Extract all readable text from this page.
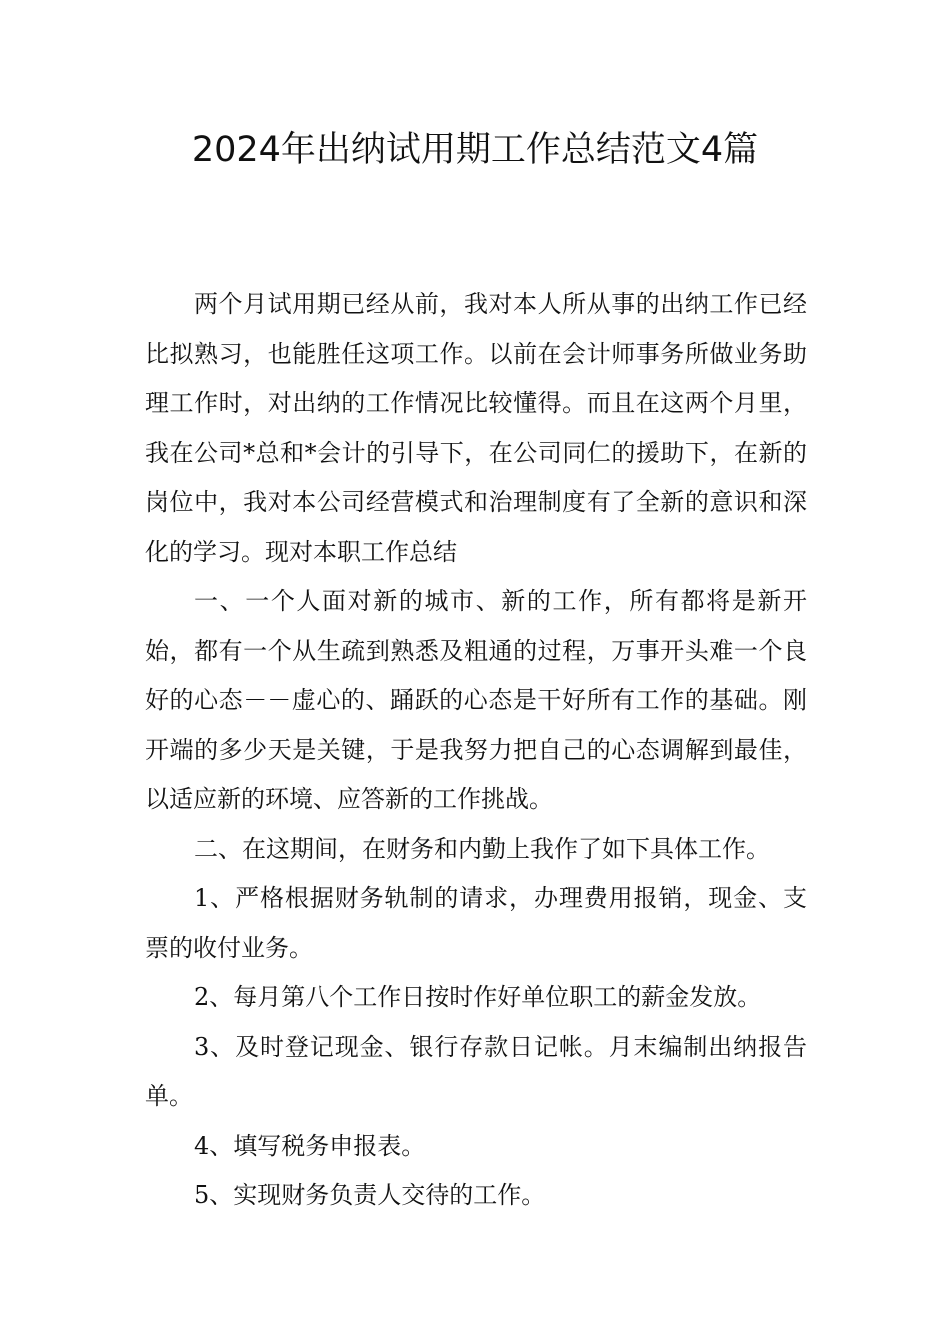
2024年出纳试用期工作总结范文4篇

两个月试用期已经从前，我对本人所从事的出纳工作已经比拟熟习，也能胜任这项工作。以前在会计师事务所做业务助理工作时，对出纳的工作情况比较懂得。而且在这两个月里，我在公司*总和*会计的引导下，在公司同仁的援助下，在新的岗位中，我对本公司经营模式和治理制度有了全新的意识和深化的学习。现对本职工作总结

一、一个人面对新的城市、新的工作，所有都将是新开始，都有一个从生疏到熟悉及粗通的过程，万事开头难一个良好的心态－－虚心的、踊跃的心态是干好所有工作的基础。刚开端的多少天是关键，于是我努力把自己的心态调解到最佳，以适应新的环境、应答新的工作挑战。

二、在这期间，在财务和内勤上我作了如下具体工作。

1、严格根据财务轨制的请求，办理费用报销，现金、支票的收付业务。

2、每月第八个工作日按时作好单位职工的薪金发放。

3、及时登记现金、银行存款日记帐。月末编制出纳报告单。

4、填写税务申报表。

5、实现财务负责人交待的工作。
